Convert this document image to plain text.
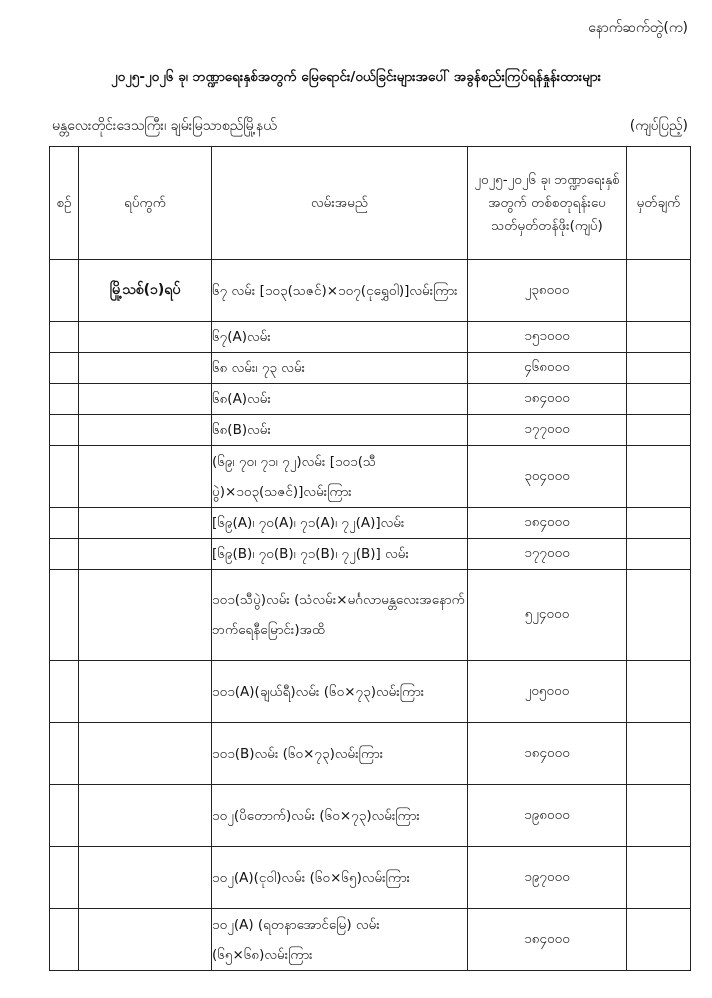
နောက်ဆက်တွဲ(က)
၂၀၂၅-၂၀၂၆ ခု၊ ဘဏ္ဍာရေးနှစ်အတွက် မြေရောင်း/ဝယ်ခြင်းများအပေါ် အခွန်စည်းကြပ်ရန်နှုန်းထားများ
မန္တလေးတိုင်းဒေသကြီး၊ ချမ်းမြသာစည်မြို့နယ်	(ကျပ်ပြည့်)
စဉ်	ရပ်ကွက်	လမ်းအမည်	၂၀၂၅-၂၀၂၆ ခု၊ ဘဏ္ဍာရေးနှစ်အတွက် တစ်စတုရန်းပေ သတ်မှတ်တန်ဖိုး(ကျပ်)	မှတ်ချက်
	မြို့သစ်(၁)ရပ်	၆၇ လမ်း [၁၀၃(သဇင်)×၁၀၇(ငုရွှေဝါ)]လမ်းကြား	၂၃၈၀၀၀	
		၆၇(A)လမ်း	၁၅၁၀၀၀	
		၆၈ လမ်း၊ ၇၃ လမ်း	၄၆၈၀၀၀	
		၆၈(A)လမ်း	၁၈၄၀၀၀	
		၆၈(B)လမ်း	၁၇၇၀၀၀	
		(၆၉၊ ၇၀၊ ၇၁၊ ၇၂)လမ်း [၁၀၁(သီပွဲ)×၁၀၃(သဇင်)]လမ်းကြား	၃၀၄၀၀၀	
		[၆၉(A)၊ ၇၀(A)၊ ၇၁(A)၊ ၇၂(A)]လမ်း	၁၈၄၀၀၀	
		[၆၉(B)၊ ၇၀(B)၊ ၇၁(B)၊ ၇၂(B)] လမ်း	၁၇၇၀၀၀	
		၁၀၁(သီပွဲ)လမ်း (သံလမ်း×မင်္ဂလာမန္တလေးအနောက် ဘက်ရေနီမြောင်း)အထိ	၅၂၄၀၀၀	
		၁၀၁(A)(ချယ်ရီ)လမ်း (၆၀×၇၃)လမ်းကြား	၂၀၅၀၀၀	
		၁၀၁(B)လမ်း (၆၀×၇၃)လမ်းကြား	၁၈၄၀၀၀	
		၁၀၂(ပိတောက်)လမ်း (၆၀×၇၃)လမ်းကြား	၁၉၈၀၀၀	
		၁၀၂(A)(ငုဝါ)လမ်း (၆၀×၆၅)လမ်းကြား	၁၉၇၀၀၀	
		၁၀၂(A) (ရတနာအောင်မြေ) လမ်း (၆၅×၆၈)လမ်းကြား	၁၈၄၀၀၀	
